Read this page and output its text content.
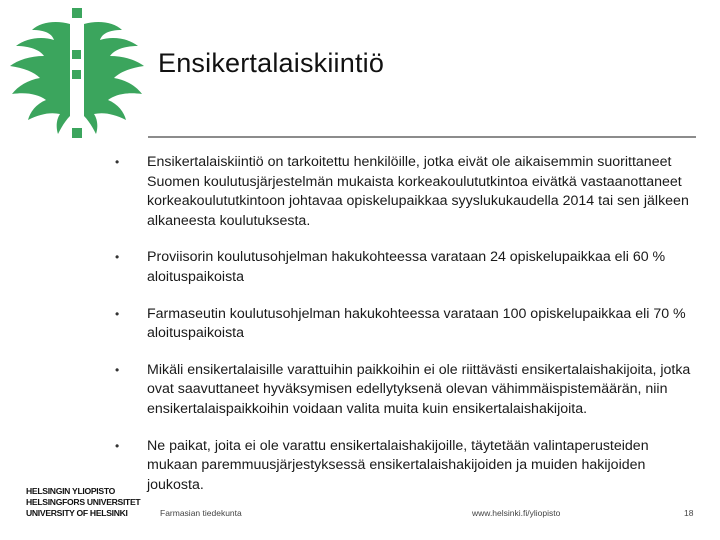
Ensikertalaiskiintiö
• Ensikertalaiskiintiö on tarkoitettu henkilöille, jotka eivät ole aikaisemmin suorittaneet Suomen koulutusjärjestelmän mukaista korkeakoulututkintoa eivätkä vastaanottaneet korkeakoulututkintoon johtavaa opiskelupaikkaa syyslukukaudella 2014 tai sen jälkeen alkaneesta koulutuksesta.
• Proviisorin koulutusohjelman hakukohteessa varataan 24 opiskelupaikkaa eli 60 % aloituspaikoista
• Farmaseutin koulutusohjelman hakukohteessa varataan 100 opiskelupaikkaa eli 70 % aloituspaikoista
• Mikäli ensikertalaisille varattuihin paikkoihin ei ole riittävästi ensikertalaishakijoita, jotka ovat saavuttaneet hyväksymisen edellytyksenä olevan vähimmäispistemäärän, niin ensikertalaispaikkoihin voidaan valita muita kuin ensikertalaishakijoita.
• Ne paikat, joita ei ole varattu ensikertalaishakijoille, täytetään valintaperusteiden mukaan paremmuusjärjestyksessä ensikertalaishakijoiden ja muiden hakijoiden joukosta.
HELSINGIN YLIOPISTO
HELSINGFORS UNIVERSITET
UNIVERSITY OF HELSINKI	Farmasian tiedekunta	www.helsinki.fi/yliopisto	18
